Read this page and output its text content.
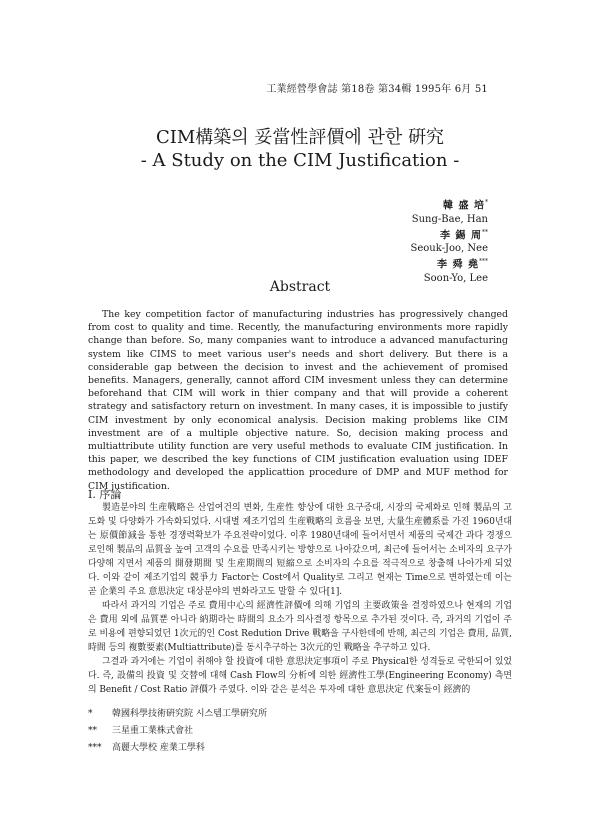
工業經營學會誌 第18卷 第34輯 1995年 6月 51
CIM構築의 妥當性評價에 관한 硏究
- A Study on the CIM Justification -
韓 盛 培*
Sung-Bae, Han
李 錫 周**
Seouk-Joo, Nee
李 舜 堯***
Soon-Yo, Lee
Abstract

The key competition factor of manufacturing industries has progressively changed from cost to quality and time. Recently, the manufacturing environments more rapidly change than before. So, many companies want to introduce a advanced manufacturing system like CIMS to meet various user's needs and short delivery. But there is a considerable gap between the decision to invest and the achievement of promised benefits. Managers, generally, cannot afford CIM invesment unless they can determine beforehand that CIM will work in thier company and that will provide a coherent strategy and satisfactory return on investment. In many cases, it is impossible to justify CIM investment by only economical analysis. Decision making problems like CIM investment are of a multiple objective nature. So, decision making process and multiattribute utility function are very useful methods to evaluate CIM justification. In this paper, we described the key functions of CIM justification evaluation using IDEF methodology and developed the applicattion procedure of DMP and MUF method for CIM justification.

I. 序論

製造분야의 生産戰略은 산업여건의 변화, 生産性 향상에 대한 요구증대, 시장의 국제화로 인해 製品의 고도화 및 다양화가 가속화되었다. 시대별 제조기업의 生産戰略의 흐름을 보면, 大量生産體系를 가진 1960년대는 原價節減을 통한 경쟁력확보가 주요전략이었다. 이후 1980년대에 들어서면서 제품의 국제간 과다 경쟁으로인해 製品의 品質을 높여 고객의 수요를 만족시키는 방향으로 나아갔으며, 최근에 들어서는 소비자의 요구가 다양해 지면서 제품의 開發期間 및 生産期間의 短縮으로 소비자의 수요를 적극적으로 창출해 나아가게 되었다. 이와 같이 제조기업의 競爭力 Factor는 Cost에서 Quality로 그리고 현재는 Time으로 변하였는데 이는 곧 企業의 주요 意思決定 대상분야의 변화라고도 말할 수 있다[1].

따라서 과거의 기업은 주로 費用中心의 經濟性評價에 의해 기업의 主要政策을 결정하였으나 현재의 기업은 費用 외에 品質뿐 아니라 納期라는 時間의 요소가 의사결정 항목으로 추가된 것이다. 즉, 과거의 기업이 주로 비용에 편향되었던 1次元的인 Cost Redution Drive 戰略을 구사한데에 반해, 최근의 기업은 費用, 品質, 時間 등의 複數要素(Multiattribute)를 동시추구하는 3次元的인 戰略을 추구하고 있다.

그결과 과거에는 기업이 취해야 할 投資에 대한 意思決定事項이 주로 Physical한 성격들로 국한되어 있었다. 즉, 設備의 投資 및 交替에 대해 Cash Flow의 分析에 의한 經濟性工學(Engineering Economy) 측면의 Benefit / Cost Ratio 評價가 주였다. 이와 같은 분석은 투자에 대한 意思決定 代案들이 經濟的

* 韓國科學技術硏究院 시스템工學硏究所
** 三星重工業株式會社
*** 高麗大學校 産業工學科
